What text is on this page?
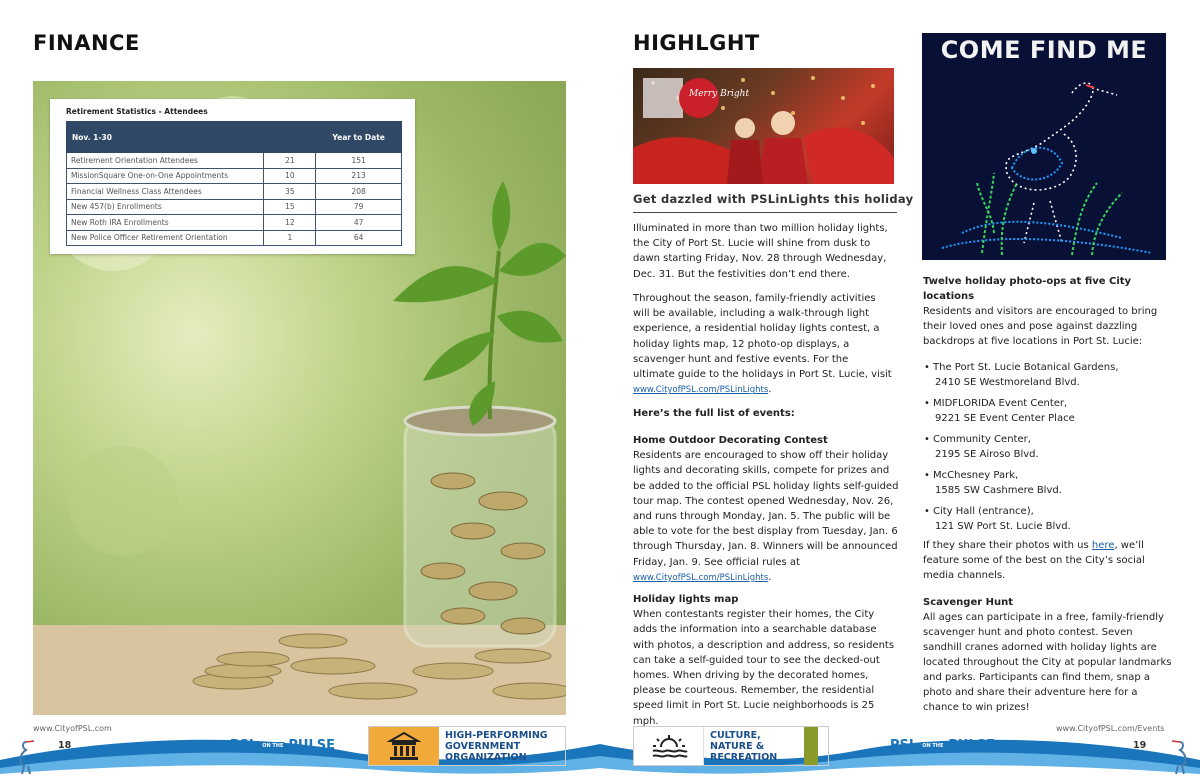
FINANCE
Retirement Statistics - Attendees
Nov. 1-30		Year to Date
Retirement Orientation Attendees	21	151
MissionSquare One-on-One Appointments	10	213
Financial Wellness Class Attendees	35	208
New 457(b) Enrollments	15	79
New Roth IRA Enrollments	12	47
New Police Officer Retirement Orientation	1	64
www.CityofPSL.com
18	PSL	ON THE PULSE
HIGH-PERFORMING GOVERNMENT ORGANIZATION
HIGHLGHT
Merry Bright
Get dazzled with PSLinLights this holiday

Illuminated in more than two million holiday lights, the City of Port St. Lucie will shine from dusk to dawn starting Friday, Nov. 28 through Wednesday, Dec. 31. But the festivities don’t end there.

Throughout the season, family-friendly activities will be available, including a walk-through light experience, a residential holiday lights contest, a holiday lights map, 12 photo-op displays, a scavenger hunt and festive events. For the ultimate guide to the holidays in Port St. Lucie, visit www.CityofPSL.com/PSLinLights.

Here’s the full list of events:

Home Outdoor Decorating Contest

Residents are encouraged to show off their holiday lights and decorating skills, compete for prizes and be added to the official PSL holiday lights self-guided tour map. The contest opened Wednesday, Nov. 26, and runs through Monday, Jan. 5. The public will be able to vote for the best display from Tuesday, Jan. 6 through Thursday, Jan. 8. Winners will be announced Friday, Jan. 9. See official rules at www.CityofPSL.com/PSLinLights.

Holiday lights map

When contestants register their homes, the City adds the information into a searchable database with photos, a description and address, so residents can take a self-guided tour to see the decked-out homes. When driving by the decorated homes, please be courteous. Remember, the residential speed limit in Port St. Lucie neighborhoods is 25 mph.

COME FIND ME

Twelve holiday photo-ops at five City locations

Residents and visitors are encouraged to bring their loved ones and pose against dazzling backdrops at five locations in Port St. Lucie:

• The Port St. Lucie Botanical Gardens,
2410 SE Westmoreland Blvd.
• MIDFLORIDA Event Center,
9221 SE Event Center Place
• Community Center,
2195 SE Airoso Blvd.
• McChesney Park,
1585 SW Cashmere Blvd.
• City Hall (entrance),
121 SW Port St. Lucie Blvd.

If they share their photos with us here, we’ll feature some of the best on the City’s social media channels.

Scavenger Hunt

All ages can participate in a free, family-friendly scavenger hunt and photo contest. Seven sandhill cranes adorned with holiday lights are located throughout the City at popular landmarks and parks. Participants can find them, snap a photo and share their adventure here for a chance to win prizes!

www.CityofPSL.com/Events
19
PSL	ON THE PULSE
CULTURE, NATURE & RECREATION
